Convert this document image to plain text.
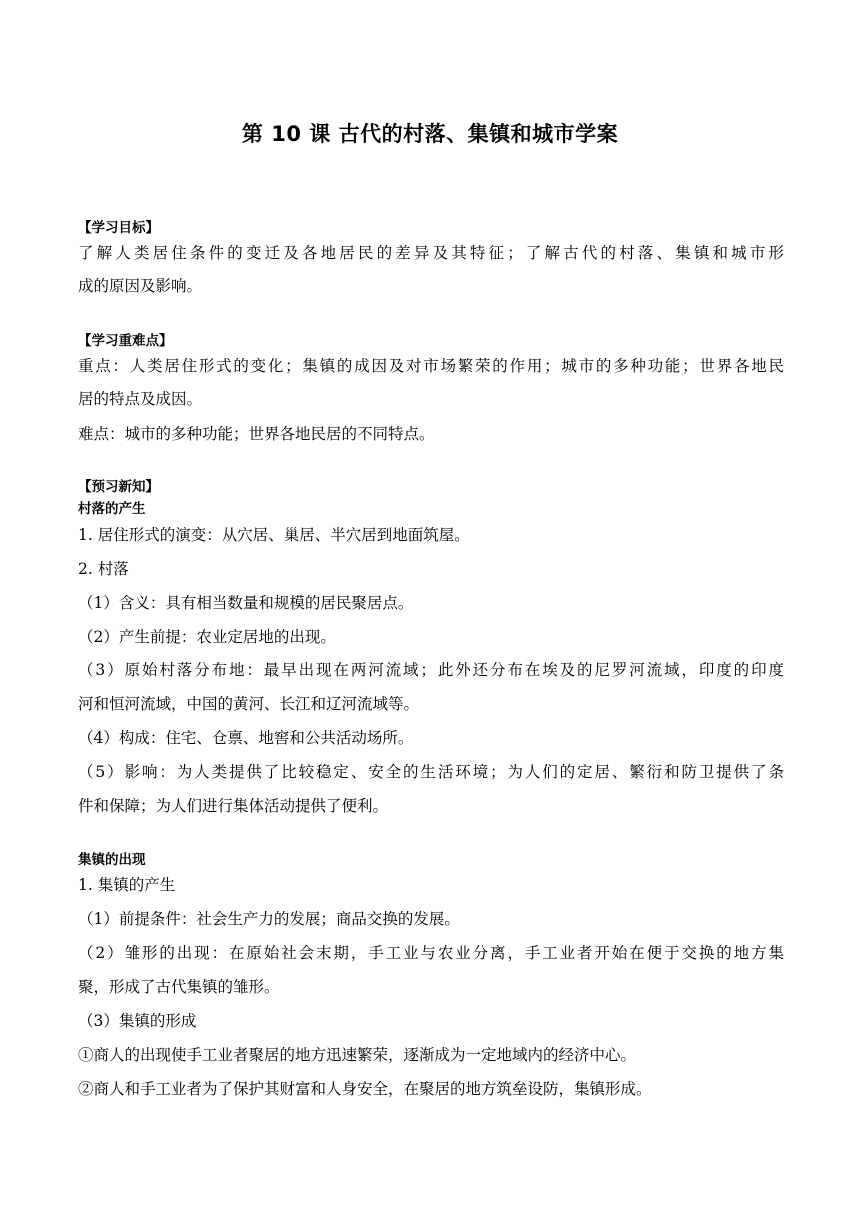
第 10 课 古代的村落、集镇和城市学案
【学习目标】
了解人类居住条件的变迁及各地居民的差异及其特征；了解古代的村落、集镇和城市形
成的原因及影响。
【学习重难点】
重点：人类居住形式的变化；集镇的成因及对市场繁荣的作用；城市的多种功能；世界各地民
居的特点及成因。
难点：城市的多种功能；世界各地民居的不同特点。
【预习新知】
村落的产生
1. 居住形式的演变：从穴居、巢居、半穴居到地面筑屋。
2. 村落
（1）含义：具有相当数量和规模的居民聚居点。
（2）产生前提：农业定居地的出现。
（3）原始村落分布地：最早出现在两河流域；此外还分布在埃及的尼罗河流域，印度的印度
河和恒河流域，中国的黄河、长江和辽河流域等。
（4）构成：住宅、仓禀、地窖和公共活动场所。
（5）影响：为人类提供了比较稳定、安全的生活环境；为人们的定居、繁衍和防卫提供了条
件和保障；为人们进行集体活动提供了便利。
集镇的出现
1. 集镇的产生
（1）前提条件：社会生产力的发展；商品交换的发展。
（2）雏形的出现：在原始社会末期，手工业与农业分离，手工业者开始在便于交换的地方集
聚，形成了古代集镇的雏形。
（3）集镇的形成
①商人的出现使手工业者聚居的地方迅速繁荣，逐渐成为一定地域内的经济中心。
②商人和手工业者为了保护其财富和人身安全，在聚居的地方筑垒设防，集镇形成。
